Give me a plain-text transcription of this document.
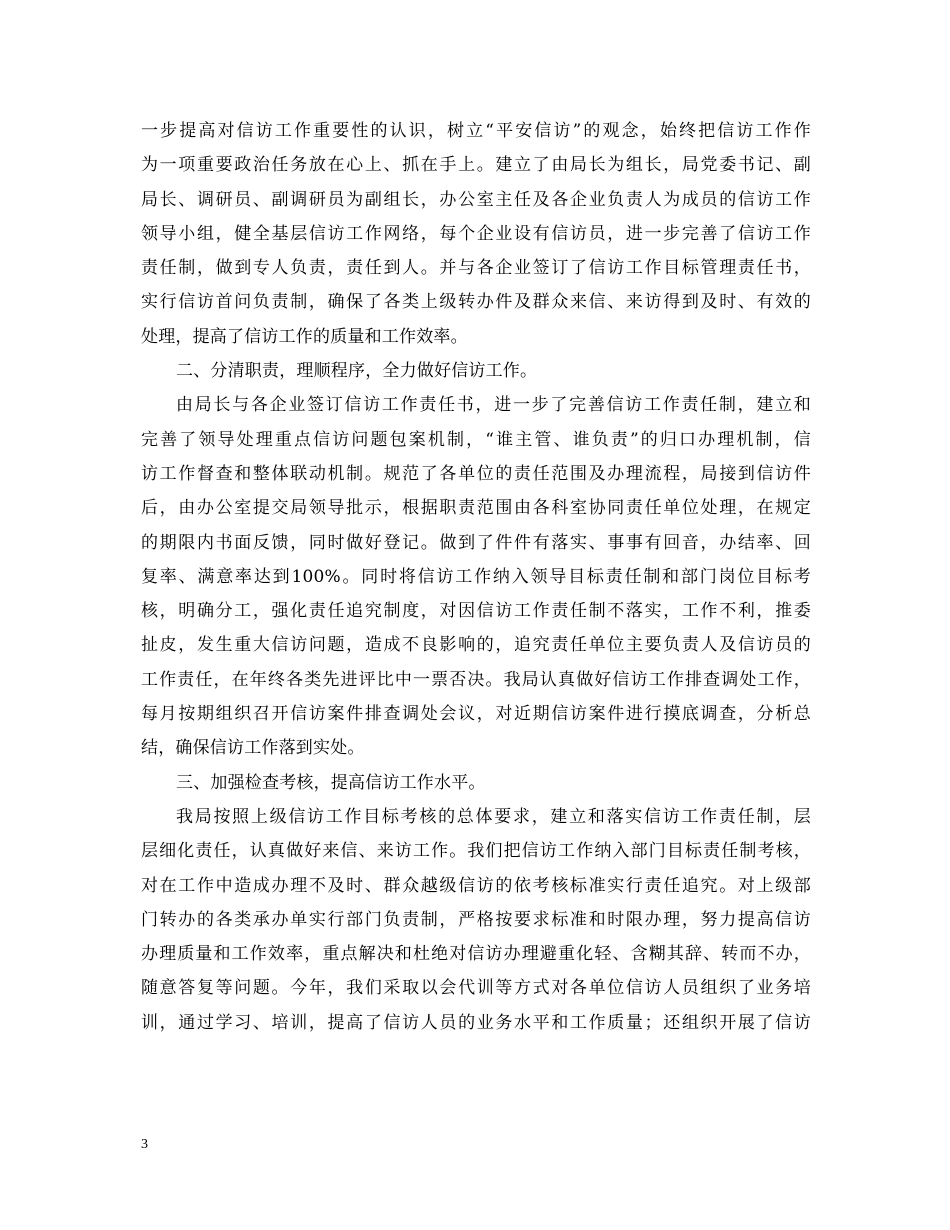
一步提高对信访工作重要性的认识，树立“平安信访”的观念，始终把信访工作作
为一项重要政治任务放在心上、抓在手上。建立了由局长为组长，局党委书记、副
局长、调研员、副调研员为副组长，办公室主任及各企业负责人为成员的信访工作
领导小组，健全基层信访工作网络，每个企业设有信访员，进一步完善了信访工作
责任制，做到专人负责，责任到人。并与各企业签订了信访工作目标管理责任书，
实行信访首问负责制，确保了各类上级转办件及群众来信、来访得到及时、有效的
处理，提高了信访工作的质量和工作效率。
二、分清职责，理顺程序，全力做好信访工作。
由局长与各企业签订信访工作责任书，进一步了完善信访工作责任制，建立和
完善了领导处理重点信访问题包案机制，“谁主管、谁负责”的归口办理机制，信
访工作督查和整体联动机制。规范了各单位的责任范围及办理流程，局接到信访件
后，由办公室提交局领导批示，根据职责范围由各科室协同责任单位处理，在规定
的期限内书面反馈，同时做好登记。做到了件件有落实、事事有回音，办结率、回
复率、满意率达到100%。同时将信访工作纳入领导目标责任制和部门岗位目标考
核，明确分工，强化责任追究制度，对因信访工作责任制不落实，工作不利，推委
扯皮，发生重大信访问题，造成不良影响的，追究责任单位主要负责人及信访员的
工作责任，在年终各类先进评比中一票否决。我局认真做好信访工作排查调处工作，
每月按期组织召开信访案件排查调处会议，对近期信访案件进行摸底调查，分析总
结，确保信访工作落到实处。
三、加强检查考核，提高信访工作水平。
我局按照上级信访工作目标考核的总体要求，建立和落实信访工作责任制，层
层细化责任，认真做好来信、来访工作。我们把信访工作纳入部门目标责任制考核，
对在工作中造成办理不及时、群众越级信访的依考核标准实行责任追究。对上级部
门转办的各类承办单实行部门负责制，严格按要求标准和时限办理，努力提高信访
办理质量和工作效率，重点解决和杜绝对信访办理避重化轻、含糊其辞、转而不办，
随意答复等问题。今年，我们采取以会代训等方式对各单位信访人员组织了业务培
训，通过学习、培训，提高了信访人员的业务水平和工作质量；还组织开展了信访
3
